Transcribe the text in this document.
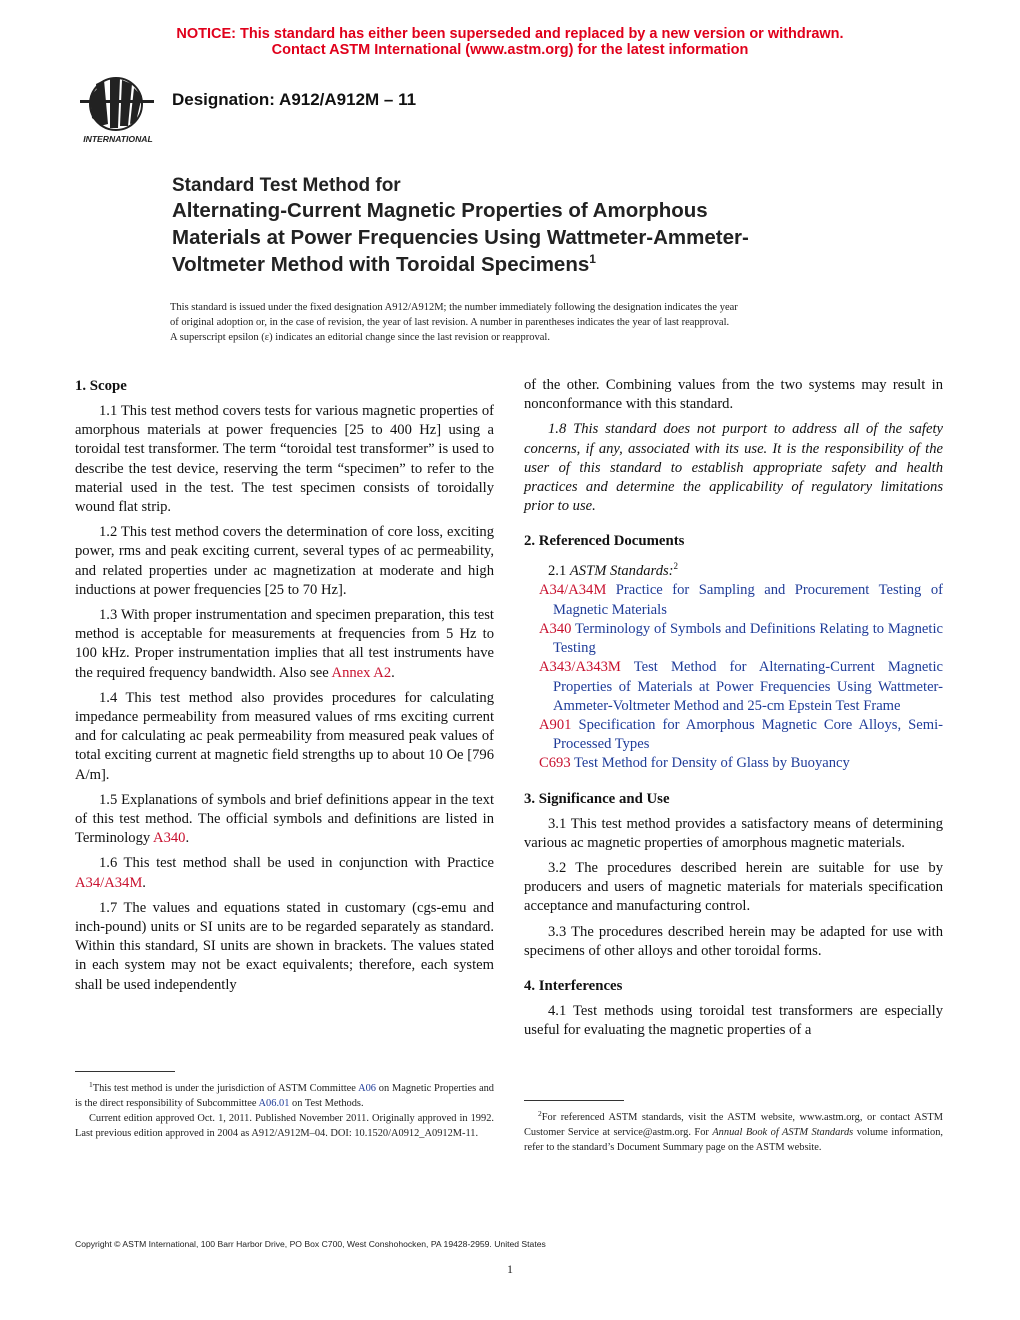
NOTICE: This standard has either been superseded and replaced by a new version or withdrawn.
Contact ASTM International (www.astm.org) for the latest information
INTERNATIONAL
Designation: A912/A912M – 11
Standard Test Method for
Alternating-Current Magnetic Properties of Amorphous
Materials at Power Frequencies Using Wattmeter-Ammeter-
Voltmeter Method with Toroidal Specimens$^1$
This standard is issued under the fixed designation A912/A912M; the number immediately following the designation indicates the year
of original adoption or, in the case of revision, the year of last revision. A number in parentheses indicates the year of last reapproval.
A superscript epsilon (ε) indicates an editorial change since the last revision or reapproval.
1. Scope

1.1 This test method covers tests for various magnetic properties of amorphous materials at power frequencies [25 to 400 Hz] using a toroidal test transformer. The term “toroidal test transformer” is used to describe the test device, reserving the term “specimen” to refer to the material used in the test. The test specimen consists of toroidally wound flat strip.

1.2 This test method covers the determination of core loss, exciting power, rms and peak exciting current, several types of ac permeability, and related properties under ac magnetization at moderate and high inductions at power frequencies [25 to 70 Hz].

1.3 With proper instrumentation and specimen preparation, this test method is acceptable for measurements at frequencies from 5 Hz to 100 kHz. Proper instrumentation implies that all test instruments have the required frequency bandwidth. Also see Annex A2.

1.4 This test method also provides procedures for calculating impedance permeability from measured values of rms exciting current and for calculating ac peak permeability from measured peak values of total exciting current at magnetic field strengths up to about 10 Oe [796 A/m].

1.5 Explanations of symbols and brief definitions appear in the text of this test method. The official symbols and definitions are listed in Terminology A340.

1.6 This test method shall be used in conjunction with Practice A34/A34M.

1.7 The values and equations stated in customary (cgs-emu and inch-pound) units or SI units are to be regarded separately as standard. Within this standard, SI units are shown in brackets. The values stated in each system may not be exact equivalents; therefore, each system shall be used independently

of the other. Combining values from the two systems may result in nonconformance with this standard.

1.8 This standard does not purport to address all of the safety concerns, if any, associated with its use. It is the responsibility of the user of this standard to establish appropriate safety and health practices and determine the applicability of regulatory limitations prior to use.

2. Referenced Documents

2.1 ASTM Standards:$^2$

A34/A34M Practice for Sampling and Procurement Testing of Magnetic Materials
A340 Terminology of Symbols and Definitions Relating to Magnetic Testing
A343/A343M Test Method for Alternating-Current Magnetic Properties of Materials at Power Frequencies Using Wattmeter-Ammeter-Voltmeter Method and 25-cm Epstein Test Frame
A901 Specification for Amorphous Magnetic Core Alloys, Semi-Processed Types
C693 Test Method for Density of Glass by Buoyancy
3. Significance and Use

3.1 This test method provides a satisfactory means of determining various ac magnetic properties of amorphous magnetic materials.

3.2 The procedures described herein are suitable for use by producers and users of magnetic materials for materials specification acceptance and manufacturing control.

3.3 The procedures described herein may be adapted for use with specimens of other alloys and other toroidal forms.

4. Interferences

4.1 Test methods using toroidal test transformers are especially useful for evaluating the magnetic properties of a

$^1$This test method is under the jurisdiction of ASTM Committee A06 on Magnetic Properties and is the direct responsibility of Subcommittee A06.01 on Test Methods.

Current edition approved Oct. 1, 2011. Published November 2011. Originally approved in 1992. Last previous edition approved in 2004 as A912/A912M–04. DOI: 10.1520/A0912_A0912M-11.

$^2$For referenced ASTM standards, visit the ASTM website, www.astm.org, or contact ASTM Customer Service at service@astm.org. For Annual Book of ASTM Standards volume information, refer to the standard’s Document Summary page on the ASTM website.

Copyright © ASTM International, 100 Barr Harbor Drive, PO Box C700, West Conshohocken, PA 19428-2959. United States
1
